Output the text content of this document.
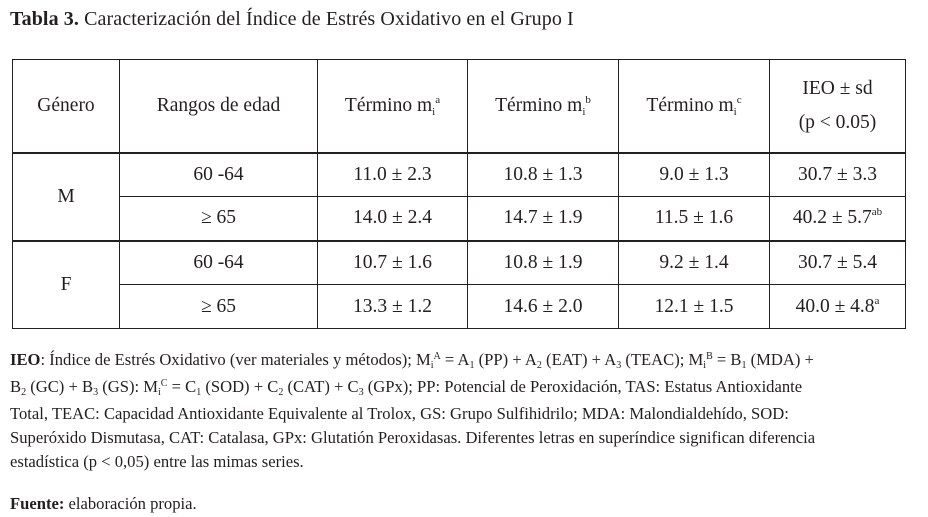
Tabla 3. Caracterización del Índice de Estrés Oxidativo en el Grupo I
Género	Rangos de edad	Término $m_i^a$	Término $m_i^b$	Término $m_i^c$	IEO ± sd
(p < 0.05)
M	60 -64	11.0 ± 2.3	10.8 ± 1.3	9.0 ± 1.3	30.7 ± 3.3
	≥ 65	14.0 ± 2.4	14.7 ± 1.9	11.5 ± 1.6	40.2 ± 5.7$^{ab}$
F	60 -64	10.7 ± 1.6	10.8 ± 1.9	9.2 ± 1.4	30.7 ± 5.4
	≥ 65	13.3 ± 1.2	14.6 ± 2.0	12.1 ± 1.5	40.0 ± 4.8$^a$

IEO: Índice de Estrés Oxidativo (ver materiales y métodos); $Mi^A = A1$ (PP) + A2 (EAT) + A3 (TEAC); $Mi^B = B1$ (MDA) +

B2 (GC) + B3 (GS): $Mi^C = C1$ (SOD) + C2 (CAT) + C3 (GPx); PP: Potencial de Peroxidación, TAS: Estatus Antioxidante

Total, TEAC: Capacidad Antioxidante Equivalente al Trolox, GS: Grupo Sulfihidrilo; MDA: Malondialdehído, SOD:

Superóxido Dismutasa, CAT: Catalasa, GPx: Glutatión Peroxidasas. Diferentes letras en superíndice significan diferencia

estadística (p < 0,05) entre las mimas series.

Fuente: elaboración propia.
